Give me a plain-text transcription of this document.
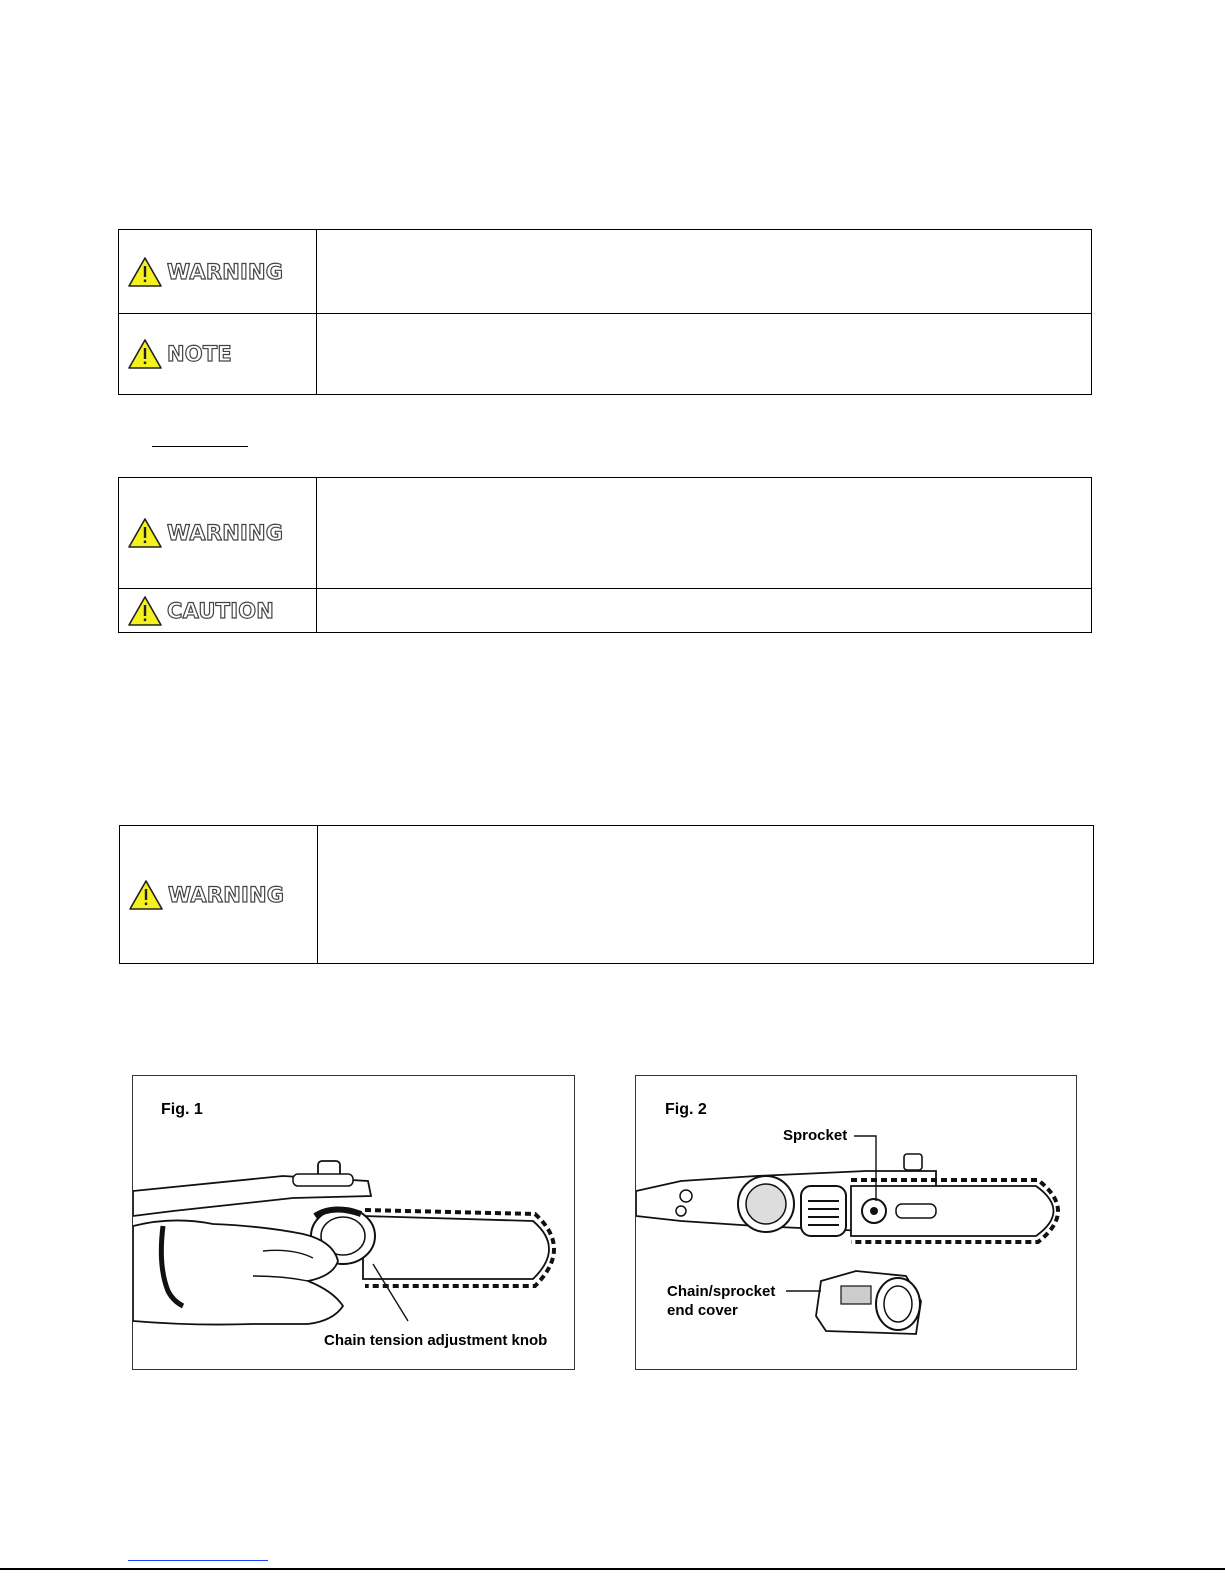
WARNING
NOTE
WARNING
CAUTION
WARNING
Fig. 1
Chain tension adjustment knob
Fig. 2
Sprocket
Chain/sprocket
end cover
